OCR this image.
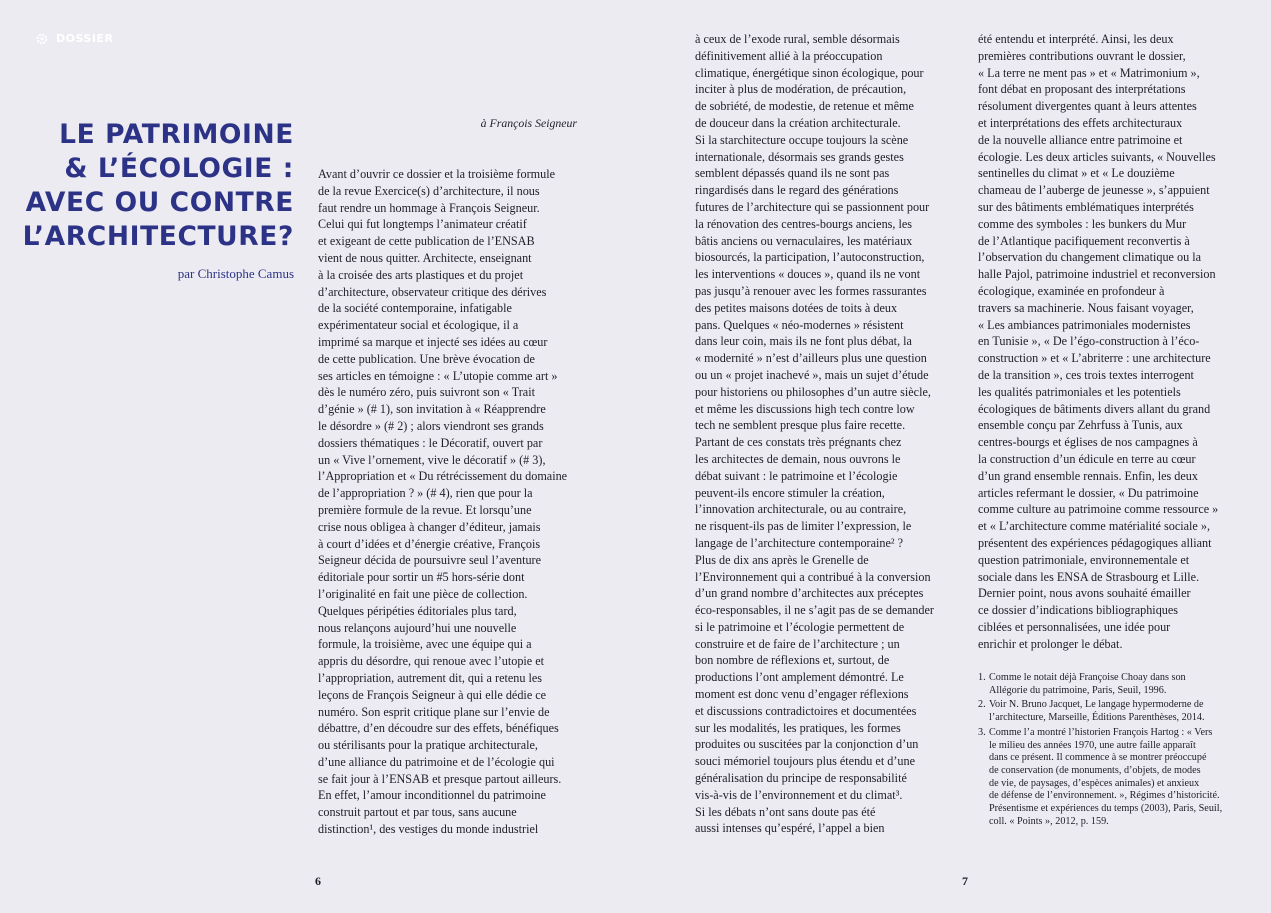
DOSSIER
LE PATRIMOINE
& L’ÉCOLOGIE :
AVEC OU CONTRE
L’ARCHITECTURE?
par Christophe Camus
à François Seigneur
Avant d’ouvrir ce dossier et la troisième formule
de la revue Exercice(s) d’architecture, il nous
faut rendre un hommage à François Seigneur.
Celui qui fut longtemps l’animateur créatif
et exigeant de cette publication de l’ENSAB
vient de nous quitter. Architecte, enseignant
à la croisée des arts plastiques et du projet
d’architecture, observateur critique des dérives
de la société contemporaine, infatigable
expérimentateur social et écologique, il a
imprimé sa marque et injecté ses idées au cœur
de cette publication. Une brève évocation de
ses articles en témoigne : « L’utopie comme art »
dès le numéro zéro, puis suivront son « Trait
d’génie » (# 1), son invitation à « Réapprendre
le désordre » (# 2) ; alors viendront ses grands
dossiers thématiques : le Décoratif, ouvert par
un « Vive l’ornement, vive le décoratif » (# 3),
l’Appropriation et « Du rétrécissement du domaine
de l’appropriation ? » (# 4), rien que pour la
première formule de la revue. Et lorsqu’une
crise nous obligea à changer d’éditeur, jamais
à court d’idées et d’énergie créative, François
Seigneur décida de poursuivre seul l’aventure
éditoriale pour sortir un #5 hors-série dont
l’originalité en fait une pièce de collection.
Quelques péripéties éditoriales plus tard,
nous relançons aujourd’hui une nouvelle
formule, la troisième, avec une équipe qui a
appris du désordre, qui renoue avec l’utopie et
l’appropriation, autrement dit, qui a retenu les
leçons de François Seigneur à qui elle dédie ce
numéro. Son esprit critique plane sur l’envie de
débattre, d’en découdre sur des effets, bénéfiques
ou stérilisants pour la pratique architecturale,
d’une alliance du patrimoine et de l’écologie qui
se fait jour à l’ENSAB et presque partout ailleurs.
En effet, l’amour inconditionnel du patrimoine
construit partout et par tous, sans aucune
distinction¹, des vestiges du monde industriel
à ceux de l’exode rural, semble désormais
définitivement allié à la préoccupation
climatique, énergétique sinon écologique, pour
inciter à plus de modération, de précaution,
de sobriété, de modestie, de retenue et même
de douceur dans la création architecturale.
Si la starchitecture occupe toujours la scène
internationale, désormais ses grands gestes
semblent dépassés quand ils ne sont pas
ringardisés dans le regard des générations
futures de l’architecture qui se passionnent pour
la rénovation des centres-bourgs anciens, les
bâtis anciens ou vernaculaires, les matériaux
biosourcés, la participation, l’autoconstruction,
les interventions « douces », quand ils ne vont
pas jusqu’à renouer avec les formes rassurantes
des petites maisons dotées de toits à deux
pans. Quelques « néo-modernes » résistent
dans leur coin, mais ils ne font plus débat, la
« modernité » n’est d’ailleurs plus une question
ou un « projet inachevé », mais un sujet d’étude
pour historiens ou philosophes d’un autre siècle,
et même les discussions high tech contre low
tech ne semblent presque plus faire recette.
Partant de ces constats très prégnants chez
les architectes de demain, nous ouvrons le
débat suivant : le patrimoine et l’écologie
peuvent-ils encore stimuler la création,
l’innovation architecturale, ou au contraire,
ne risquent-ils pas de limiter l’expression, le
langage de l’architecture contemporaine² ?
Plus de dix ans après le Grenelle de
l’Environnement qui a contribué à la conversion
d’un grand nombre d’architectes aux préceptes
éco-responsables, il ne s’agit pas de se demander
si le patrimoine et l’écologie permettent de
construire et de faire de l’architecture ; un
bon nombre de réflexions et, surtout, de
productions l’ont amplement démontré. Le
moment est donc venu d’engager réflexions
et discussions contradictoires et documentées
sur les modalités, les pratiques, les formes
produites ou suscitées par la conjonction d’un
souci mémoriel toujours plus étendu et d’une
généralisation du principe de responsabilité
vis-à-vis de l’environnement et du climat³.
Si les débats n’ont sans doute pas été
aussi intenses qu’espéré, l’appel a bien
été entendu et interprété. Ainsi, les deux
premières contributions ouvrant le dossier,
« La terre ne ment pas » et « Matrimonium »,
font débat en proposant des interprétations
résolument divergentes quant à leurs attentes
et interprétations des effets architecturaux
de la nouvelle alliance entre patrimoine et
écologie. Les deux articles suivants, « Nouvelles
sentinelles du climat » et « Le douzième
chameau de l’auberge de jeunesse », s’appuient
sur des bâtiments emblématiques interprétés
comme des symboles : les bunkers du Mur
de l’Atlantique pacifiquement reconvertis à
l’observation du changement climatique ou la
halle Pajol, patrimoine industriel et reconversion
écologique, examinée en profondeur à
travers sa machinerie. Nous faisant voyager,
« Les ambiances patrimoniales modernistes
en Tunisie », « De l’égo-construction à l’éco-
construction » et « L’abriterre : une architecture
de la transition », ces trois textes interrogent
les qualités patrimoniales et les potentiels
écologiques de bâtiments divers allant du grand
ensemble conçu par Zehrfuss à Tunis, aux
centres-bourgs et églises de nos campagnes à
la construction d’un édicule en terre au cœur
d’un grand ensemble rennais. Enfin, les deux
articles refermant le dossier, « Du patrimoine
comme culture au patrimoine comme ressource »
et « L’architecture comme matérialité sociale »,
présentent des expériences pédagogiques alliant
question patrimoniale, environnementale et
sociale dans les ENSA de Strasbourg et Lille.
Dernier point, nous avons souhaité émailler
ce dossier d’indications bibliographiques
ciblées et personnalisées, une idée pour
enrichir et prolonger le débat.
1. Comme le notait déjà Françoise Choay dans son
Allégorie du patrimoine, Paris, Seuil, 1996.
2. Voir N. Bruno Jacquet, Le langage hypermoderne de
l’architecture, Marseille, Éditions Parenthèses, 2014.
3. Comme l’a montré l’historien François Hartog : « Vers
le milieu des années 1970, une autre faille apparaît
dans ce présent. Il commence à se montrer préoccupé
de conservation (de monuments, d’objets, de modes
de vie, de paysages, d’espèces animales) et anxieux
de défense de l’environnement. », Régimes d’historicité.
Présentisme et expériences du temps (2003), Paris, Seuil,
coll. « Points », 2012, p. 159.
6	7
